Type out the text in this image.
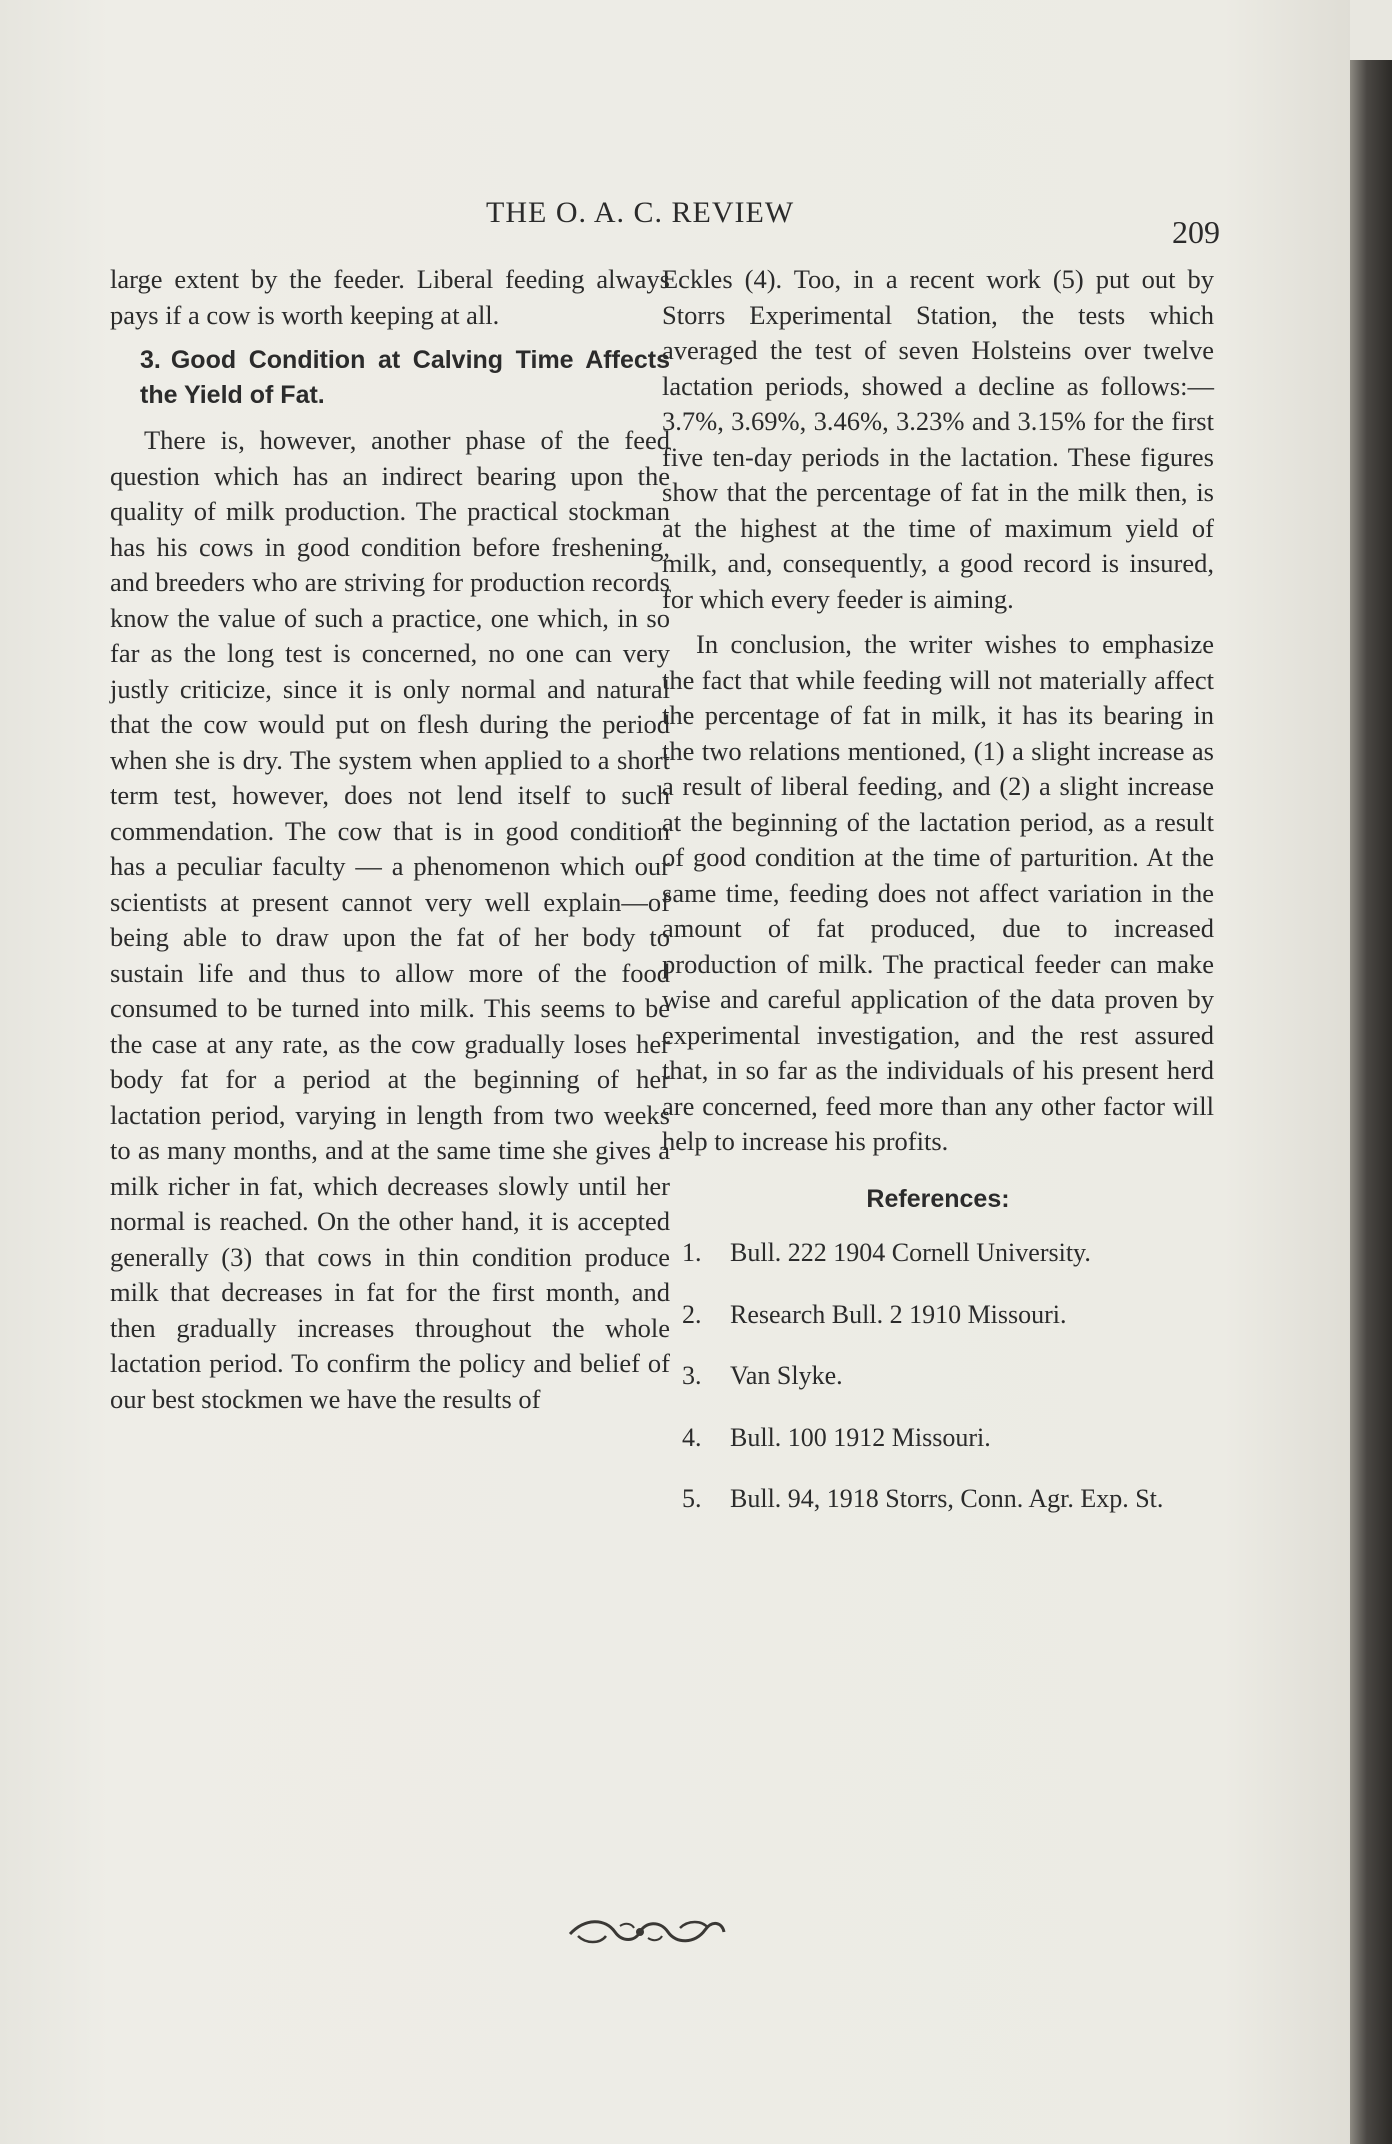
THE O. A. C. REVIEW
209

large extent by the feeder. Liberal feeding always pays if a cow is worth keeping at all.

3. Good Condition at Calving Time Affects the Yield of Fat.

There is, however, another phase of the feed question which has an indirect bearing upon the quality of milk production. The practical stockman has his cows in good condition before freshening, and breeders who are striving for production records know the value of such a practice, one which, in so far as the long test is concerned, no one can very justly criticize, since it is only normal and natural that the cow would put on flesh during the period when she is dry. The system when applied to a short term test, however, does not lend itself to such commendation. The cow that is in good condition has a peculiar faculty — a phenomenon which our scientists at present cannot very well explain—of being able to draw upon the fat of her body to sustain life and thus to allow more of the food consumed to be turned into milk. This seems to be the case at any rate, as the cow gradually loses her body fat for a period at the beginning of her lactation period, varying in length from two weeks to as many months, and at the same time she gives a milk richer in fat, which decreases slowly until her normal is reached. On the other hand, it is accepted generally (3) that cows in thin condition produce milk that decreases in fat for the first month, and then gradually increases throughout the whole lactation period. To confirm the policy and belief of our best stockmen we have the results of

Eckles (4). Too, in a recent work (5) put out by Storrs Experimental Station, the tests which averaged the test of seven Holsteins over twelve lactation periods, showed a decline as follows:—3.7%, 3.69%, 3.46%, 3.23% and 3.15% for the first five ten-day periods in the lactation. These figures show that the percentage of fat in the milk then, is at the highest at the time of maximum yield of milk, and, consequently, a good record is insured, for which every feeder is aiming.

In conclusion, the writer wishes to emphasize the fact that while feeding will not materially affect the percentage of fat in milk, it has its bearing in the two relations mentioned, (1) a slight increase as a result of liberal feeding, and (2) a slight increase at the beginning of the lactation period, as a result of good condition at the time of parturition. At the same time, feeding does not affect variation in the amount of fat produced, due to increased production of milk. The practical feeder can make wise and careful application of the data proven by experimental investigation, and the rest assured that, in so far as the individuals of his present herd are concerned, feed more than any other factor will help to increase his profits.

References:
1.	Bull. 222 1904 Cornell University.
2.	Research Bull. 2 1910 Missouri.
3.	Van Slyke.
4.	Bull. 100 1912 Missouri.
5.	Bull. 94, 1918 Storrs, Conn. Agr. Exp. St.
